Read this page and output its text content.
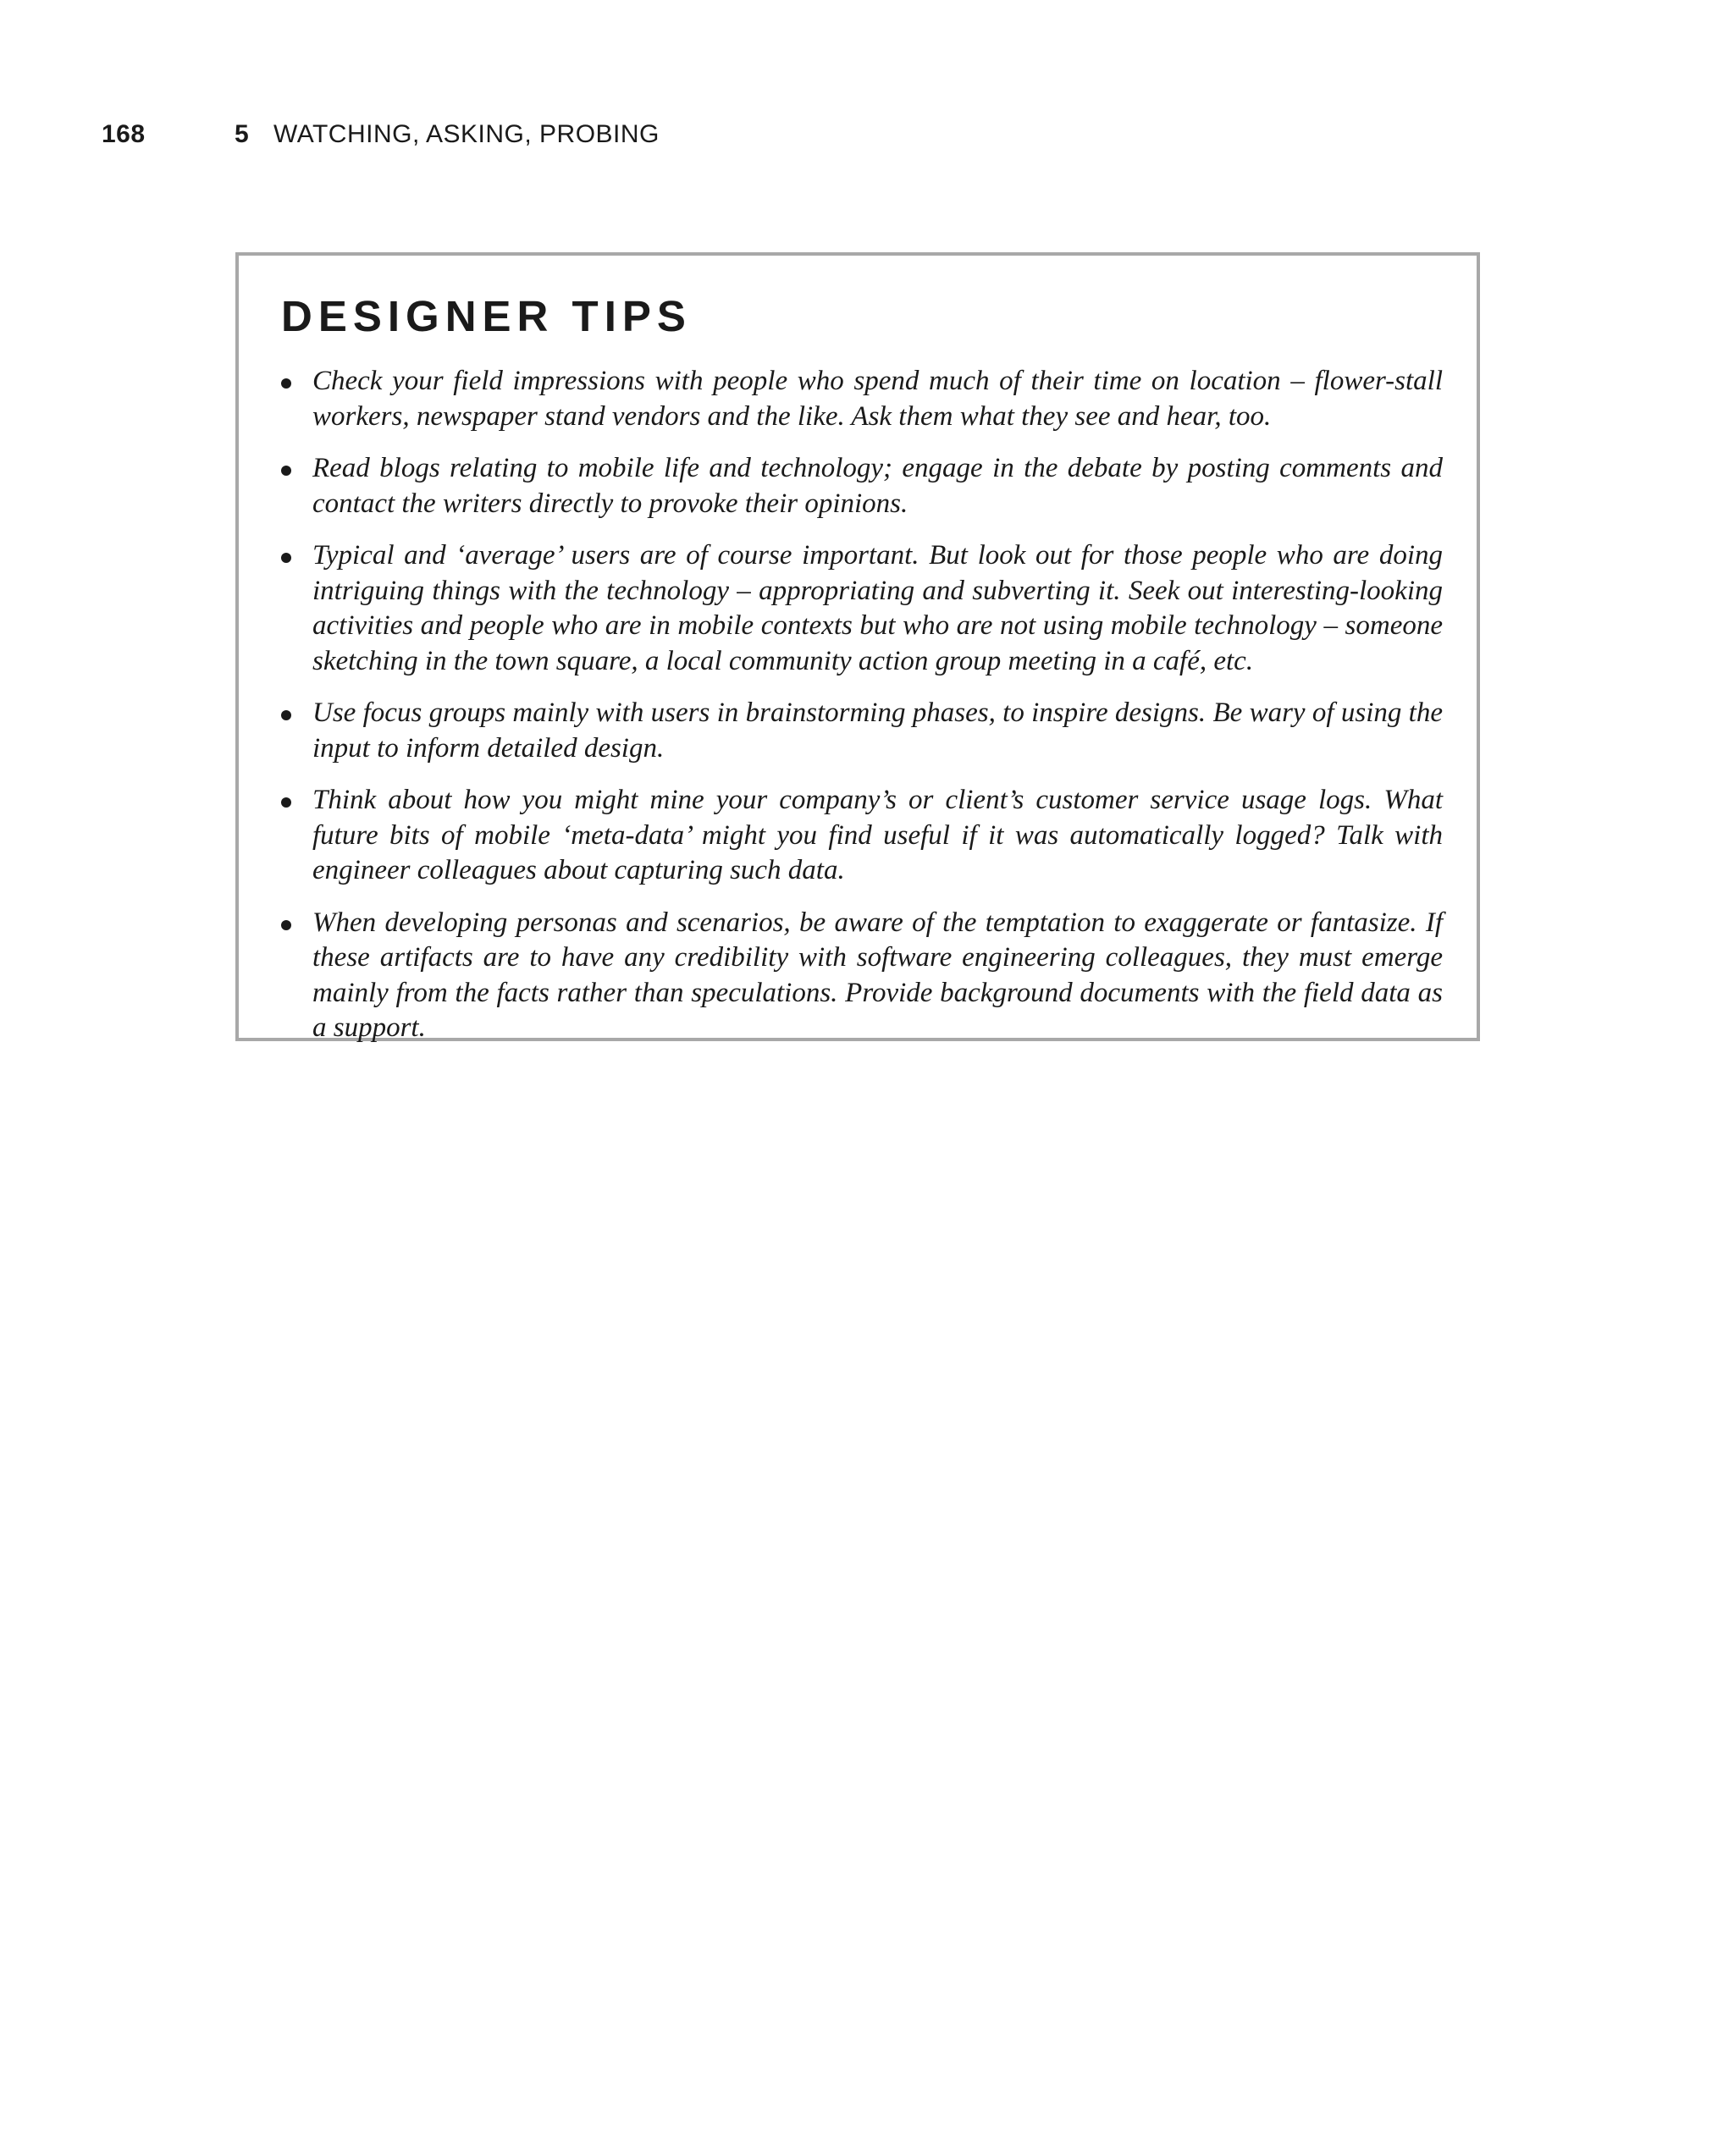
168	5 WATCHING, ASKING, PROBING
DESIGNER TIPS
Check your field impressions with people who spend much of their time on location – flower-stall workers, newspaper stand vendors and the like. Ask them what they see and hear, too.
Read blogs relating to mobile life and technology; engage in the debate by posting comments and contact the writers directly to provoke their opinions.
Typical and ‘average’ users are of course important. But look out for those people who are doing intriguing things with the technology – appropriating and subverting it. Seek out interesting-looking activities and people who are in mobile contexts but who are not using mobile technology – someone sketching in the town square, a local community action group meeting in a café, etc.
Use focus groups mainly with users in brainstorming phases, to inspire designs. Be wary of using the input to inform detailed design.
Think about how you might mine your company’s or client’s customer service usage logs. What future bits of mobile ‘meta-data’ might you find useful if it was automatically logged? Talk with engineer colleagues about capturing such data.
When developing personas and scenarios, be aware of the temptation to exaggerate or fantasize. If these artifacts are to have any credibility with software engineering colleagues, they must emerge mainly from the facts rather than speculations. Provide background documents with the field data as a support.
